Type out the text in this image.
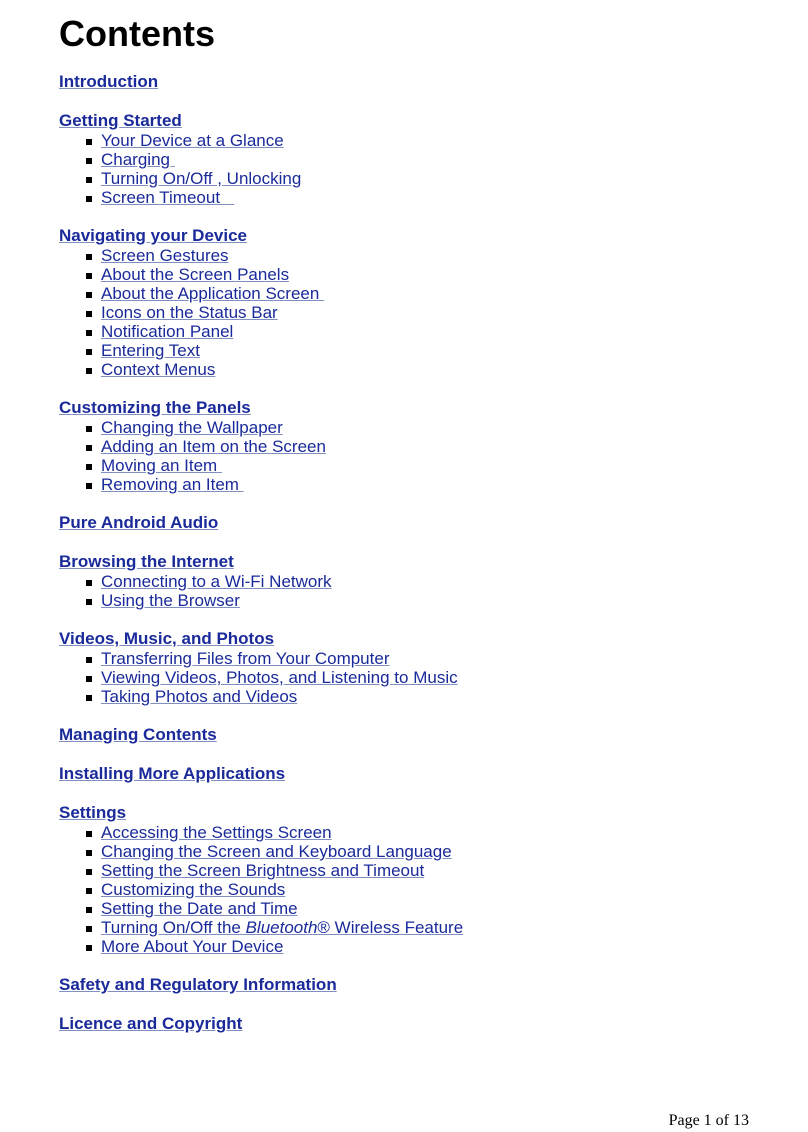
Contents
Introduction
Getting Started
Your Device at a Glance
Charging
Turning On/Off , Unlocking
Screen Timeout
Navigating your Device
Screen Gestures
About the Screen Panels
About the Application Screen
Icons on the Status Bar
Notification Panel
Entering Text
Context Menus
Customizing the Panels
Changing the Wallpaper
Adding an Item on the Screen
Moving an Item
Removing an Item
Pure Android Audio
Browsing the Internet
Connecting to a Wi-Fi Network
Using the Browser
Videos, Music, and Photos
Transferring Files from Your Computer
Viewing Videos, Photos, and Listening to Music
Taking Photos and Videos
Managing Contents
Installing More Applications
Settings
Accessing the Settings Screen
Changing the Screen and Keyboard Language
Setting the Screen Brightness and Timeout
Customizing the Sounds
Setting the Date and Time
Turning On/Off the Bluetooth® Wireless Feature
More About Your Device
Safety and Regulatory Information
Licence and Copyright
Page 1 of 13
